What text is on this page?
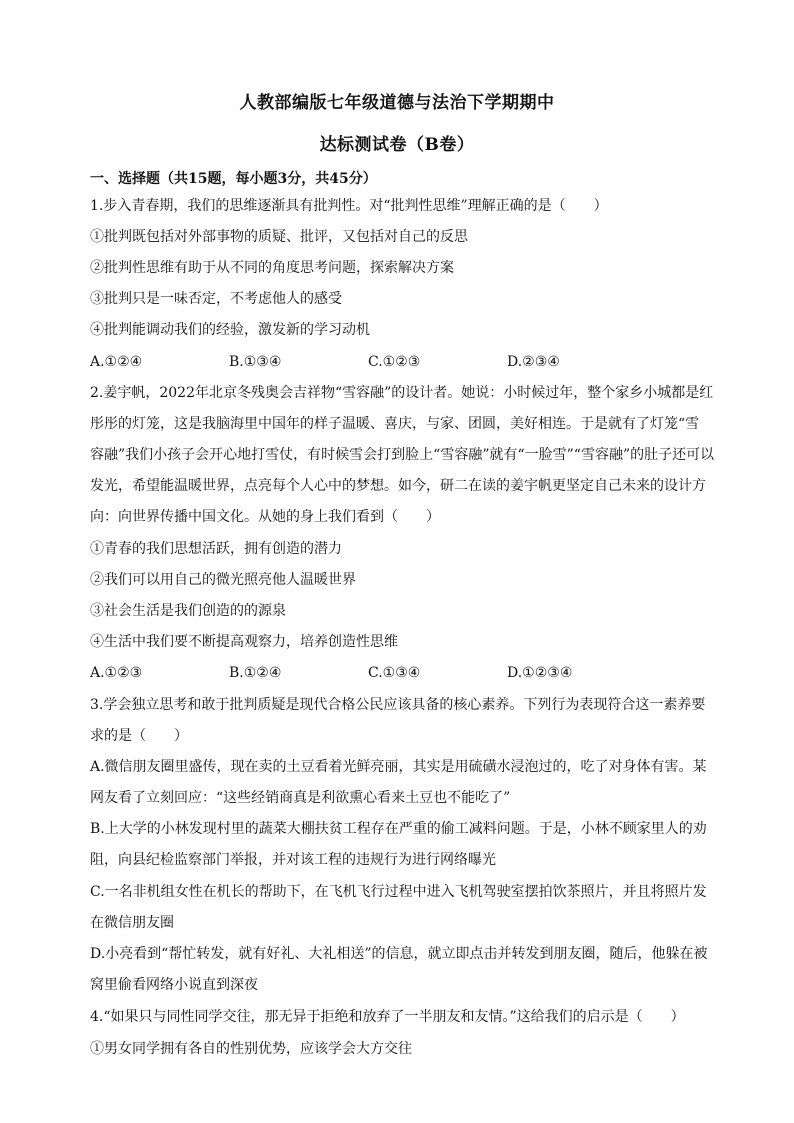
人教部编版七年级道德与法治下学期期中
达标测试卷（B卷）
一、选择题（共15题，每小题3分，共45分）
1.步入青春期，我们的思维逐渐具有批判性。对“批判性思维”理解正确的是（　　）
①批判既包括对外部事物的质疑、批评，又包括对自己的反思
②批判性思维有助于从不同的角度思考问题，探索解决方案
③批判只是一味否定，不考虑他人的感受
④批判能调动我们的经验，激发新的学习动机
A.①②④	B.①③④	C.①②③	D.②③④
2.姜宇帆，2022年北京冬残奥会吉祥物“雪容融”的设计者。她说：小时候过年，整个家乡小城都是红
彤彤的灯笼，这是我脑海里中国年的样子温暖、喜庆，与家、团圆，美好相连。于是就有了灯笼“雪
容融”我们小孩子会开心地打雪仗，有时候雪会打到脸上“雪容融”就有“一脸雪”“雪容融”的肚子还可以
发光，希望能温暖世界，点亮每个人心中的梦想。如今，研二在读的姜宇帆更坚定自己未来的设计方
向：向世界传播中国文化。从她的身上我们看到（　　）
①青春的我们思想活跃，拥有创造的潜力
②我们可以用自己的微光照亮他人温暖世界
③社会生活是我们创造的的源泉
④生活中我们要不断提高观察力，培养创造性思维
A.①②③	B.①②④	C.①③④	D.①②③④
3.学会独立思考和敢于批判质疑是现代合格公民应该具备的核心素养。下列行为表现符合这一素养要
求的是（　　）
A.微信朋友圈里盛传，现在卖的土豆看着光鲜亮丽，其实是用硫磺水浸泡过的，吃了对身体有害。某
网友看了立刻回应：“这些经销商真是利欲熏心看来土豆也不能吃了”
B.上大学的小林发现村里的蔬菜大棚扶贫工程存在严重的偷工减料问题。于是，小林不顾家里人的劝
阻，向县纪检监察部门举报，并对该工程的违规行为进行网络曝光
C.一名非机组女性在机长的帮助下，在飞机飞行过程中进入飞机驾驶室摆拍饮茶照片，并且将照片发
在微信朋友圈
D.小亮看到“帮忙转发，就有好礼、大礼相送”的信息，就立即点击并转发到朋友圈，随后，他躲在被
窝里偷看网络小说直到深夜
4.“如果只与同性同学交往，那无异于拒绝和放弃了一半朋友和友情。”这给我们的启示是（　　）
①男女同学拥有各自的性别优势，应该学会大方交往
